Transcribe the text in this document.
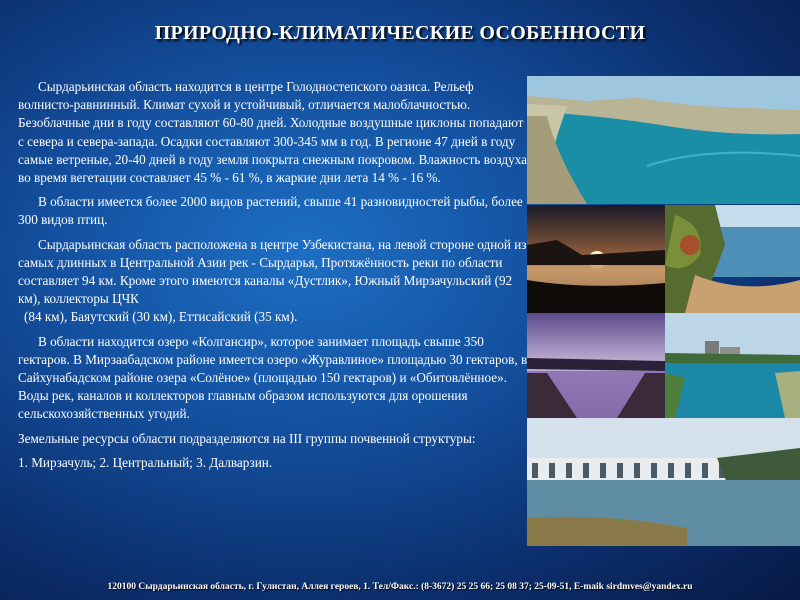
ПРИРОДНО-КЛИМАТИЧЕСКИЕ ОСОБЕННОСТИ

Сырдарьинская область находится в центре Голодностепского оазиса. Рельеф волнисто-равнинный. Климат сухой и устойчивый, отличается малоблачностью. Безоблачные дни в году составляют 60-80 дней. Холодные воздушные циклоны попадают с севера и севера-запада. Осадки составляют 300-345 мм в год. В регионе 47 дней в году самые ветреные, 20-40 дней в году земля покрыта снежным покровом. Влажность воздуха во время вегетации составляет 45 % - 61 %, в жаркие дни лета 14 % - 16 %.

В области имеется более 2000 видов растений, свыше 41 разновидностей рыбы, более 300 видов птиц.

Сырдарьинская область расположена в центре Узбекистана, на левой стороне одной из самых длинных в Центральной Азии рек - Сырдарья, Протяжённость реки по области составляет 94 км. Кроме этого имеются каналы «Дустлик», Южный Мирзачульский (92 км), коллекторы ЦЧК
(84 км), Баяутский (30 км), Еттисайский (35 км).

В области находится озеро «Колгансир», которое занимает площадь свыше 350 гектаров. В Мирзаабадском районе имеется озеро «Журавлиное» площадью 30 гектаров, в Сайхунабадском районе озера «Солёное» (площадью 150 гектаров) и «Обитовлённое». Воды рек, каналов и коллекторов главным образом используются для орошения сельскохозяйственных угодий.

Земельные ресурсы области подразделяются на III группы почвенной структуры:

1. Мирзачуль; 2. Центральный; 3. Далварзин.

120100 Сырдарьинская область, г. Гулистан, Аллея героев, 1. Тел/Факс.: (8-3672) 25 25 66; 25 08 37; 25-09-51, E-maik sirdmves@yandex.ru
